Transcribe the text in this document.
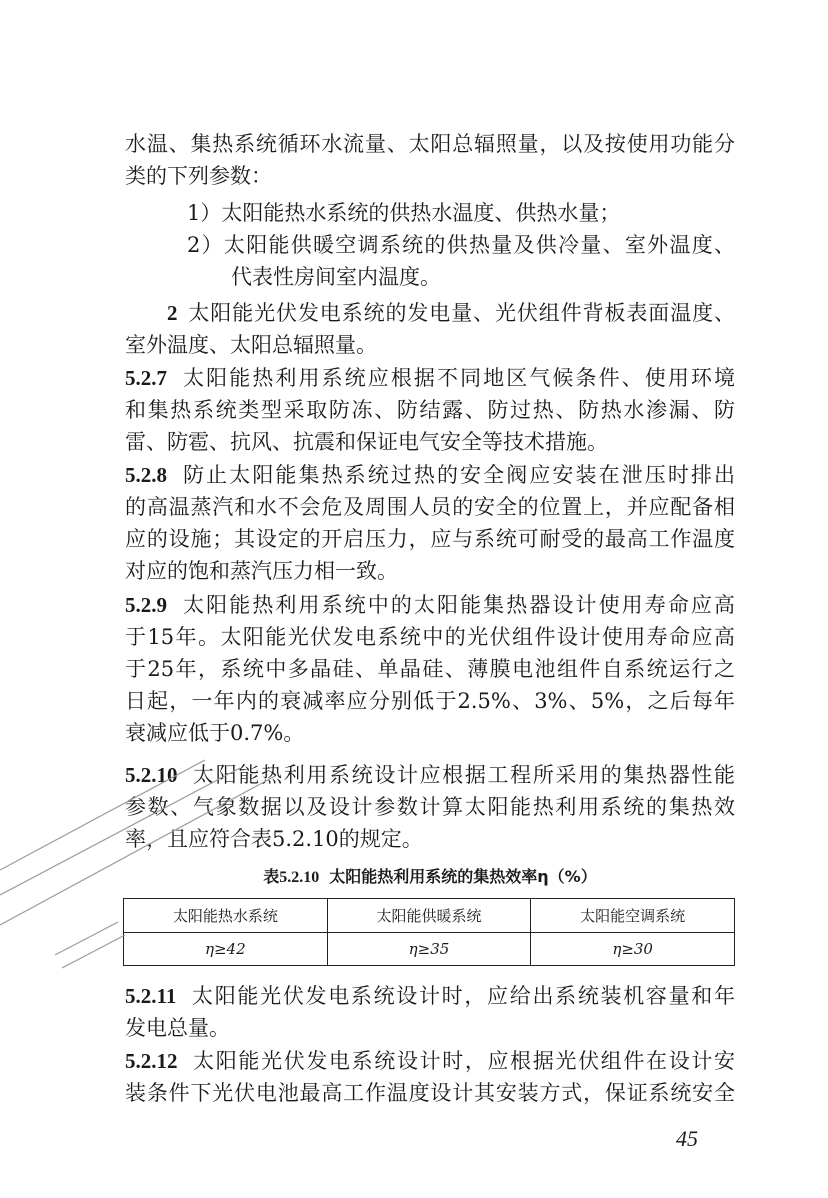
水温、集热系统循环水流量、太阳总辐照量，以及按使用功能分
类的下列参数：
1）太阳能热水系统的供热水温度、供热水量；
2）太阳能供暖空调系统的供热量及供冷量、室外温度、
代表性房间室内温度。
2 太阳能光伏发电系统的发电量、光伏组件背板表面温度、
室外温度、太阳总辐照量。
5.2.7 太阳能热利用系统应根据不同地区气候条件、使用环境
和集热系统类型采取防冻、防结露、防过热、防热水渗漏、防
雷、防雹、抗风、抗震和保证电气安全等技术措施。
5.2.8 防止太阳能集热系统过热的安全阀应安装在泄压时排出
的高温蒸汽和水不会危及周围人员的安全的位置上，并应配备相
应的设施；其设定的开启压力，应与系统可耐受的最高工作温度
对应的饱和蒸汽压力相一致。
5.2.9 太阳能热利用系统中的太阳能集热器设计使用寿命应高
于15年。太阳能光伏发电系统中的光伏组件设计使用寿命应高
于25年，系统中多晶硅、单晶硅、薄膜电池组件自系统运行之
日起，一年内的衰减率应分别低于2.5%、3%、5%，之后每年
衰减应低于0.7%。
5.2.10 太阳能热利用系统设计应根据工程所采用的集热器性能
参数、气象数据以及设计参数计算太阳能热利用系统的集热效
率，且应符合表5.2.10的规定。
表5.2.10 太阳能热利用系统的集热效率η（%）
太阳能热水系统	太阳能供暖系统	太阳能空调系统
η≥42	η≥35	η≥30
5.2.11 太阳能光伏发电系统设计时，应给出系统装机容量和年
发电总量。
5.2.12 太阳能光伏发电系统设计时，应根据光伏组件在设计安
装条件下光伏电池最高工作温度设计其安装方式，保证系统安全
45
